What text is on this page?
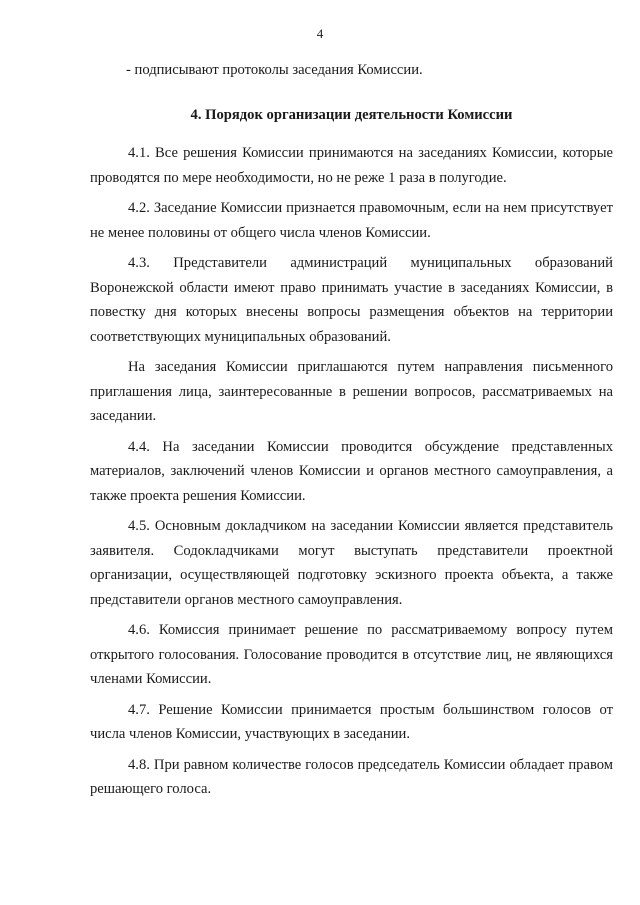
4

- подписывают протоколы заседания Комиссии.

4. Порядок организации деятельности Комиссии

4.1. Все решения Комиссии принимаются на заседаниях Комиссии, которые проводятся по мере необходимости, но не реже 1 раза в полугодие.

4.2. Заседание Комиссии признается правомочным, если на нем присутствует не менее половины от общего числа членов Комиссии.

4.3. Представители администраций муниципальных образований Воронежской области имеют право принимать участие в заседаниях Комиссии, в повестку дня которых внесены вопросы размещения объектов на территории соответствующих муниципальных образований.

На заседания Комиссии приглашаются путем направления письменного приглашения лица, заинтересованные в решении вопросов, рассматриваемых на заседании.

4.4. На заседании Комиссии проводится обсуждение представленных материалов, заключений членов Комиссии и органов местного самоуправления, а также проекта решения Комиссии.

4.5. Основным докладчиком на заседании Комиссии является представитель заявителя. Содокладчиками могут выступать представители проектной организации, осуществляющей подготовку эскизного проекта объекта, а также представители органов местного самоуправления.

4.6. Комиссия принимает решение по рассматриваемому вопросу путем открытого голосования. Голосование проводится в отсутствие лиц, не являющихся членами Комиссии.

4.7. Решение Комиссии принимается простым большинством голосов от числа членов Комиссии, участвующих в заседании.

4.8. При равном количестве голосов председатель Комиссии обладает правом решающего голоса.
